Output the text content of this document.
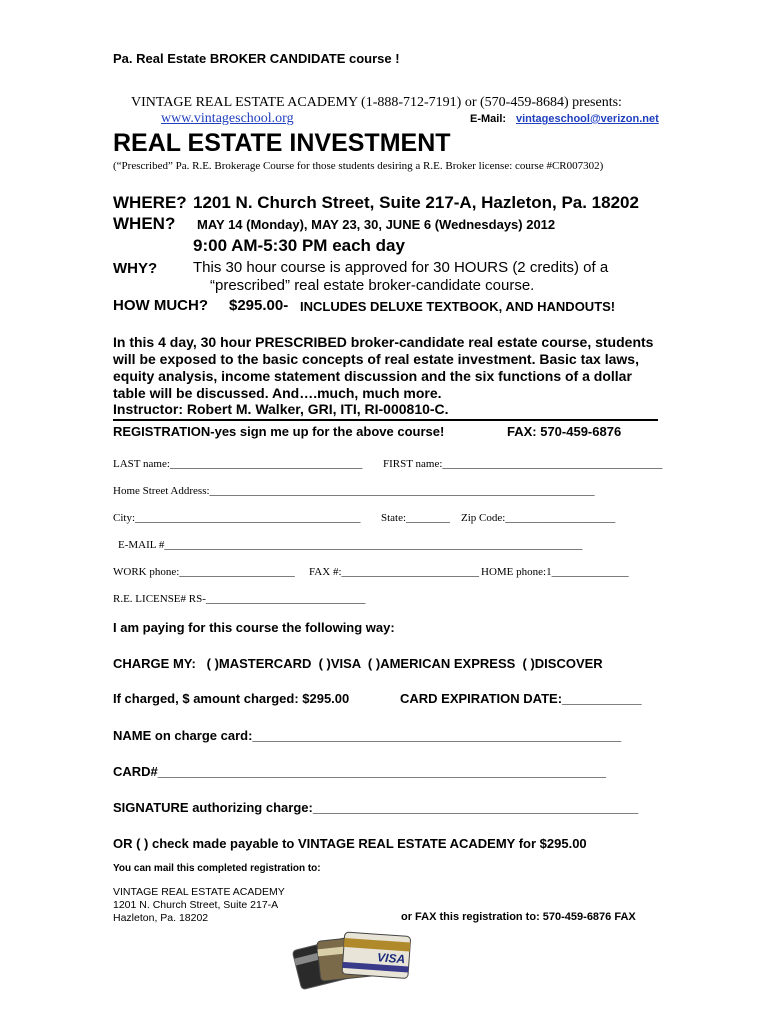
Pa. Real Estate BROKER CANDIDATE course !
VINTAGE REAL ESTATE ACADEMY (1-888-712-7191) or (570-459-8684) presents:
www.vintageschool.org	E-Mail: vintageschool@verizon.net
REAL ESTATE INVESTMENT
(“Prescribed” Pa. R.E. Brokerage Course for those students desiring a R.E. Broker license: course #CR007302)
WHERE? 1201 N. Church Street, Suite 217-A, Hazleton, Pa. 18202
WHEN? MAY 14 (Monday), MAY 23, 30, JUNE 6 (Wednesdays) 2012
9:00 AM-5:30 PM each day
WHY? This 30 hour course is approved for 30 HOURS (2 credits) of a
“prescribed” real estate broker-candidate course.
HOW MUCH? $295.00- INCLUDES DELUXE TEXTBOOK, AND HANDOUTS!
In this 4 day, 30 hour PRESCRIBED broker-candidate real estate course, students
will be exposed to the basic concepts of real estate investment. Basic tax laws,
equity analysis, income statement discussion and the six functions of a dollar
table will be discussed. And….much, much more.
Instructor: Robert M. Walker, GRI, ITI, RI-000810-C.
REGISTRATION-yes sign me up for the above course!	FAX: 570-459-6876
LAST name:___________________________________ FIRST name:________________________________________
Home Street Address:______________________________________________________________________
City:_________________________________________ State:________ Zip Code:____________________
E-MAIL #____________________________________________________________________________
WORK phone:_____________________ FAX #:_________________________ HOME phone:1______________
R.E. LICENSE# RS-_____________________________
I am paying for this course the following way:
CHARGE MY:   ( )MASTERCARD  ( )VISA  ( )AMERICAN EXPRESS  ( )DISCOVER
If charged, $ amount charged: $295.00	CARD EXPIRATION DATE:___________
NAME on charge card:___________________________________________________
CARD#______________________________________________________________
SIGNATURE authorizing charge:_____________________________________________
OR ( ) check made payable to VINTAGE REAL ESTATE ACADEMY for $295.00
You can mail this completed registration to:
VINTAGE REAL ESTATE ACADEMY
1201 N. Church Street, Suite 217-A
Hazleton, Pa. 18202	or FAX this registration to: 570-459-6876 FAX
VISA
